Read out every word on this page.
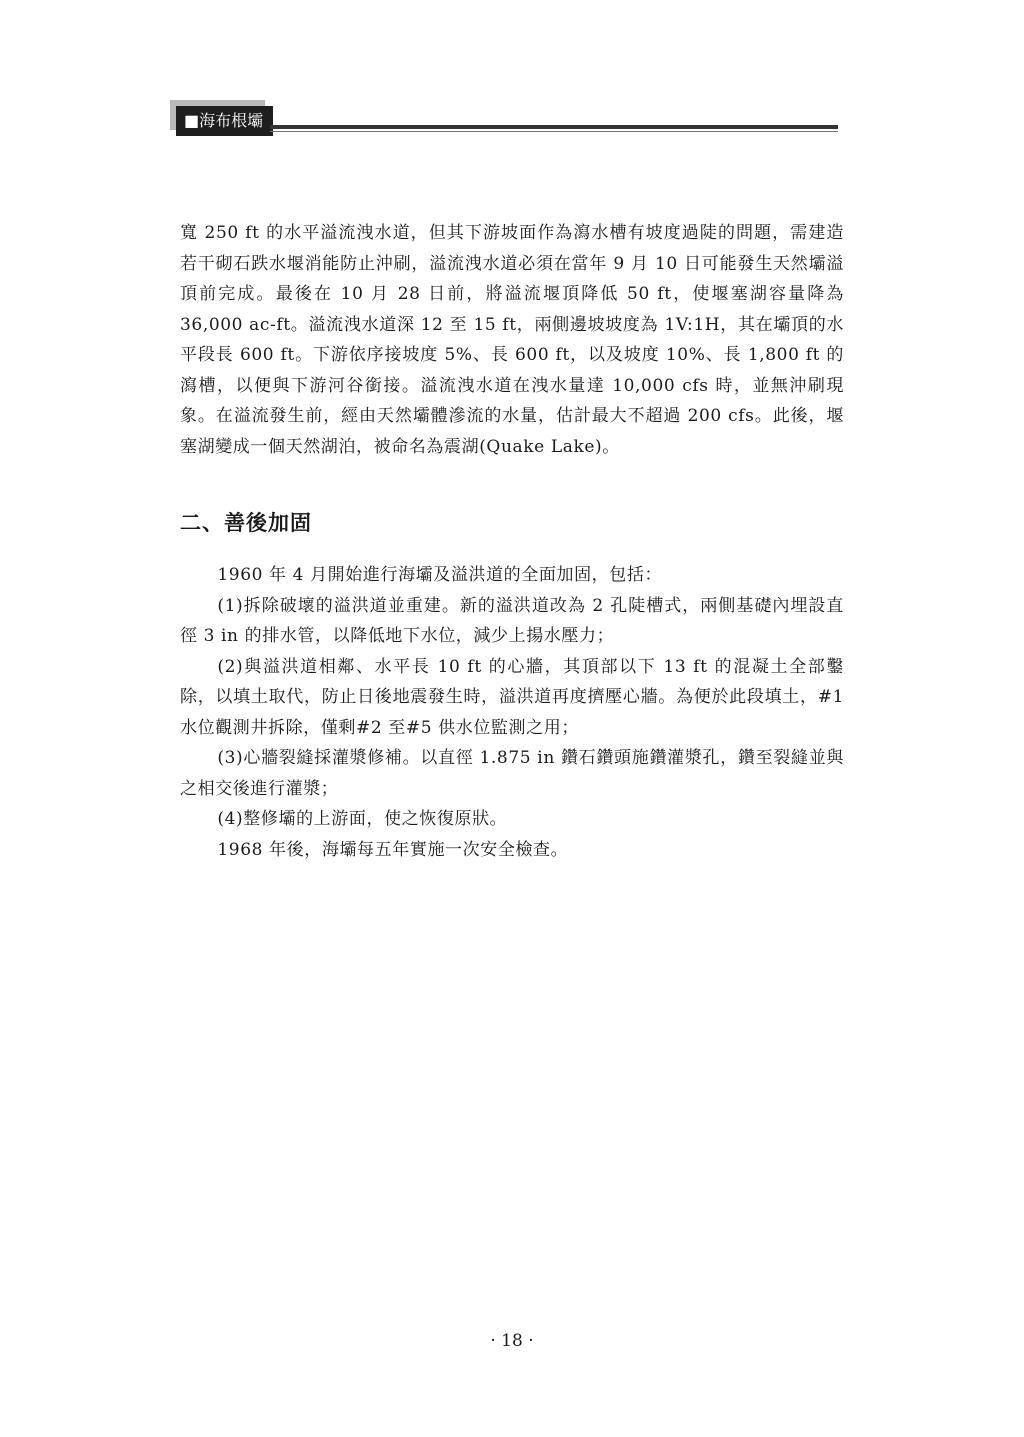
■海布根壩

寬 250 ft 的水平溢流洩水道，但其下游坡面作為瀉水槽有坡度過陡的問題，需建造若干砌石跌水堰消能防止沖刷，溢流洩水道必須在當年 9 月 10 日可能發生天然壩溢頂前完成。最後在 10 月 28 日前，將溢流堰頂降低 50 ft，使堰塞湖容量降為 36,000 ac-ft。溢流洩水道深 12 至 15 ft，兩側邊坡坡度為 1V:1H，其在壩頂的水平段長 600 ft。下游依序接坡度 5%、長 600 ft，以及坡度 10%、長 1,800 ft 的瀉槽，以便與下游河谷銜接。溢流洩水道在洩水量達 10,000 cfs 時，並無沖刷現象。在溢流發生前，經由天然壩體滲流的水量，估計最大不超過 200 cfs。此後，堰塞湖變成一個天然湖泊，被命名為震湖(Quake Lake)。

二、善後加固

1960 年 4 月開始進行海壩及溢洪道的全面加固，包括：

(1)拆除破壞的溢洪道並重建。新的溢洪道改為 2 孔陡槽式，兩側基礎內埋設直徑 3 in 的排水管，以降低地下水位，減少上揚水壓力；

(2)與溢洪道相鄰、水平長 10 ft 的心牆，其頂部以下 13 ft 的混凝土全部鑿除，以填土取代，防止日後地震發生時，溢洪道再度擠壓心牆。為便於此段填土，#1 水位觀測井拆除，僅剩#2 至#5 供水位監測之用；

(3)心牆裂縫採灌漿修補。以直徑 1.875 in 鑽石鑽頭施鑽灌漿孔，鑽至裂縫並與之相交後進行灌漿；

(4)整修壩的上游面，使之恢復原狀。

1968 年後，海壩每五年實施一次安全檢查。

· 18 ·
